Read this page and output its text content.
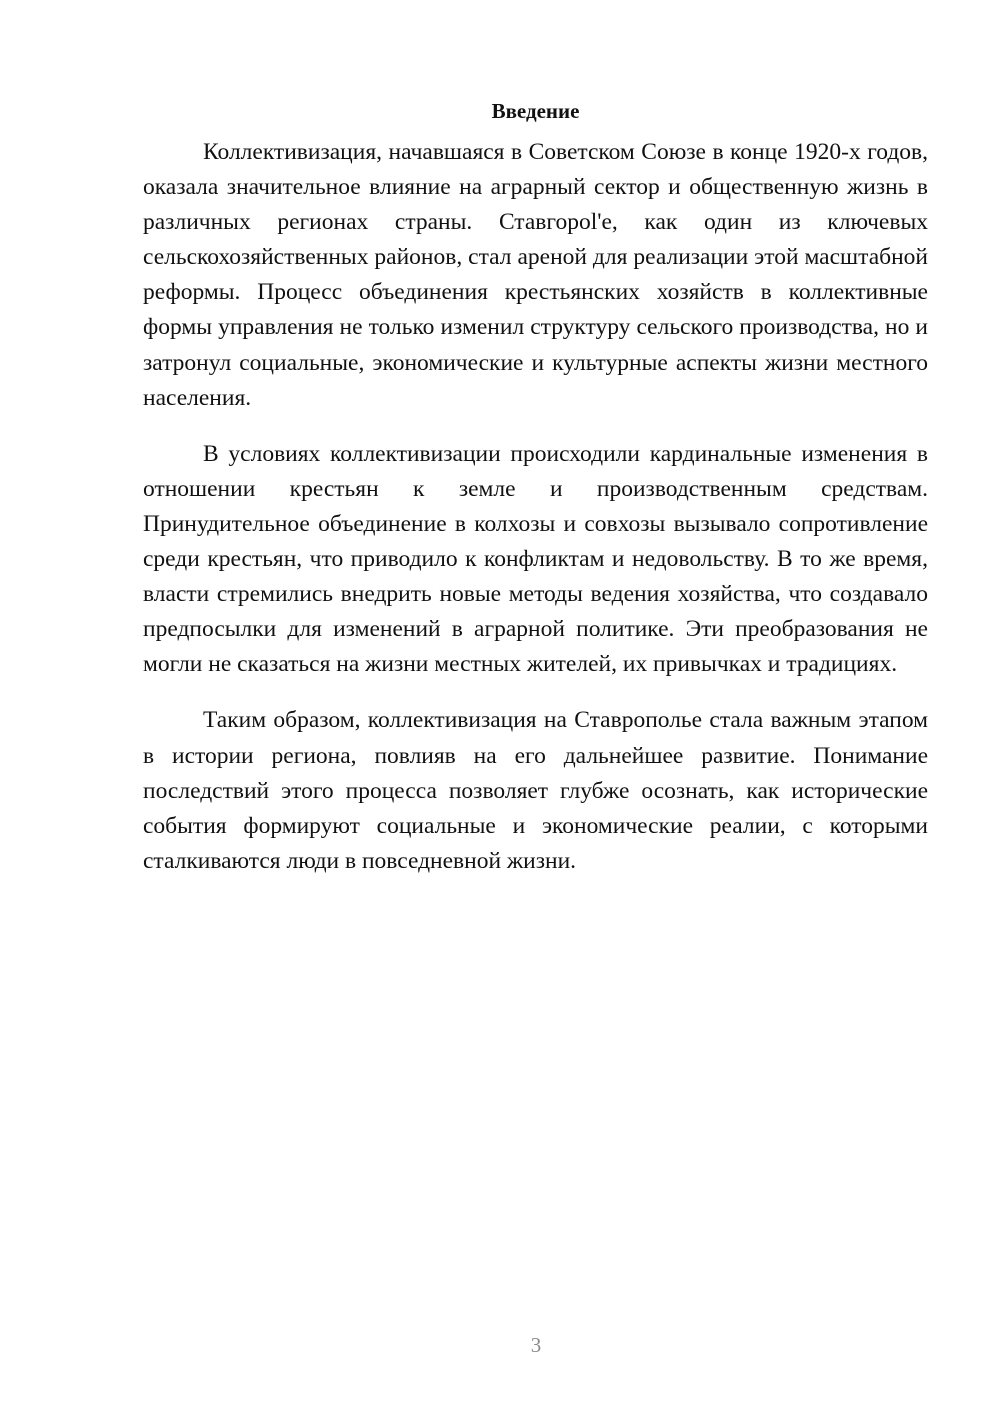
Введение

Коллективизация, начавшаяся в Советском Союзе в конце 1920-х годов, оказала значительное влияние на аграрный сектор и общественную жизнь в различных регионах страны. Ставгороl'е, как один из ключевых сельскохозяйственных районов, стал ареной для реализации этой масштабной реформы. Процесс объединения крестьянских хозяйств в коллективные формы управления не только изменил структуру сельского производства, но и затронул социальные, экономические и культурные аспекты жизни местного населения.

В условиях коллективизации происходили кардинальные изменения в отношении крестьян к земле и производственным средствам. Принудительное объединение в колхозы и совхозы вызывало сопротивление среди крестьян, что приводило к конфликтам и недовольству. В то же время, власти стремились внедрить новые методы ведения хозяйства, что создавало предпосылки для изменений в аграрной политике. Эти преобразования не могли не сказаться на жизни местных жителей, их привычках и традициях.

Таким образом, коллективизация на Ставрополье стала важным этапом в истории региона, повлияв на его дальнейшее развитие. Понимание последствий этого процесса позволяет глубже осознать, как исторические события формируют социальные и экономические реалии, с которыми сталкиваются люди в повседневной жизни.

3
